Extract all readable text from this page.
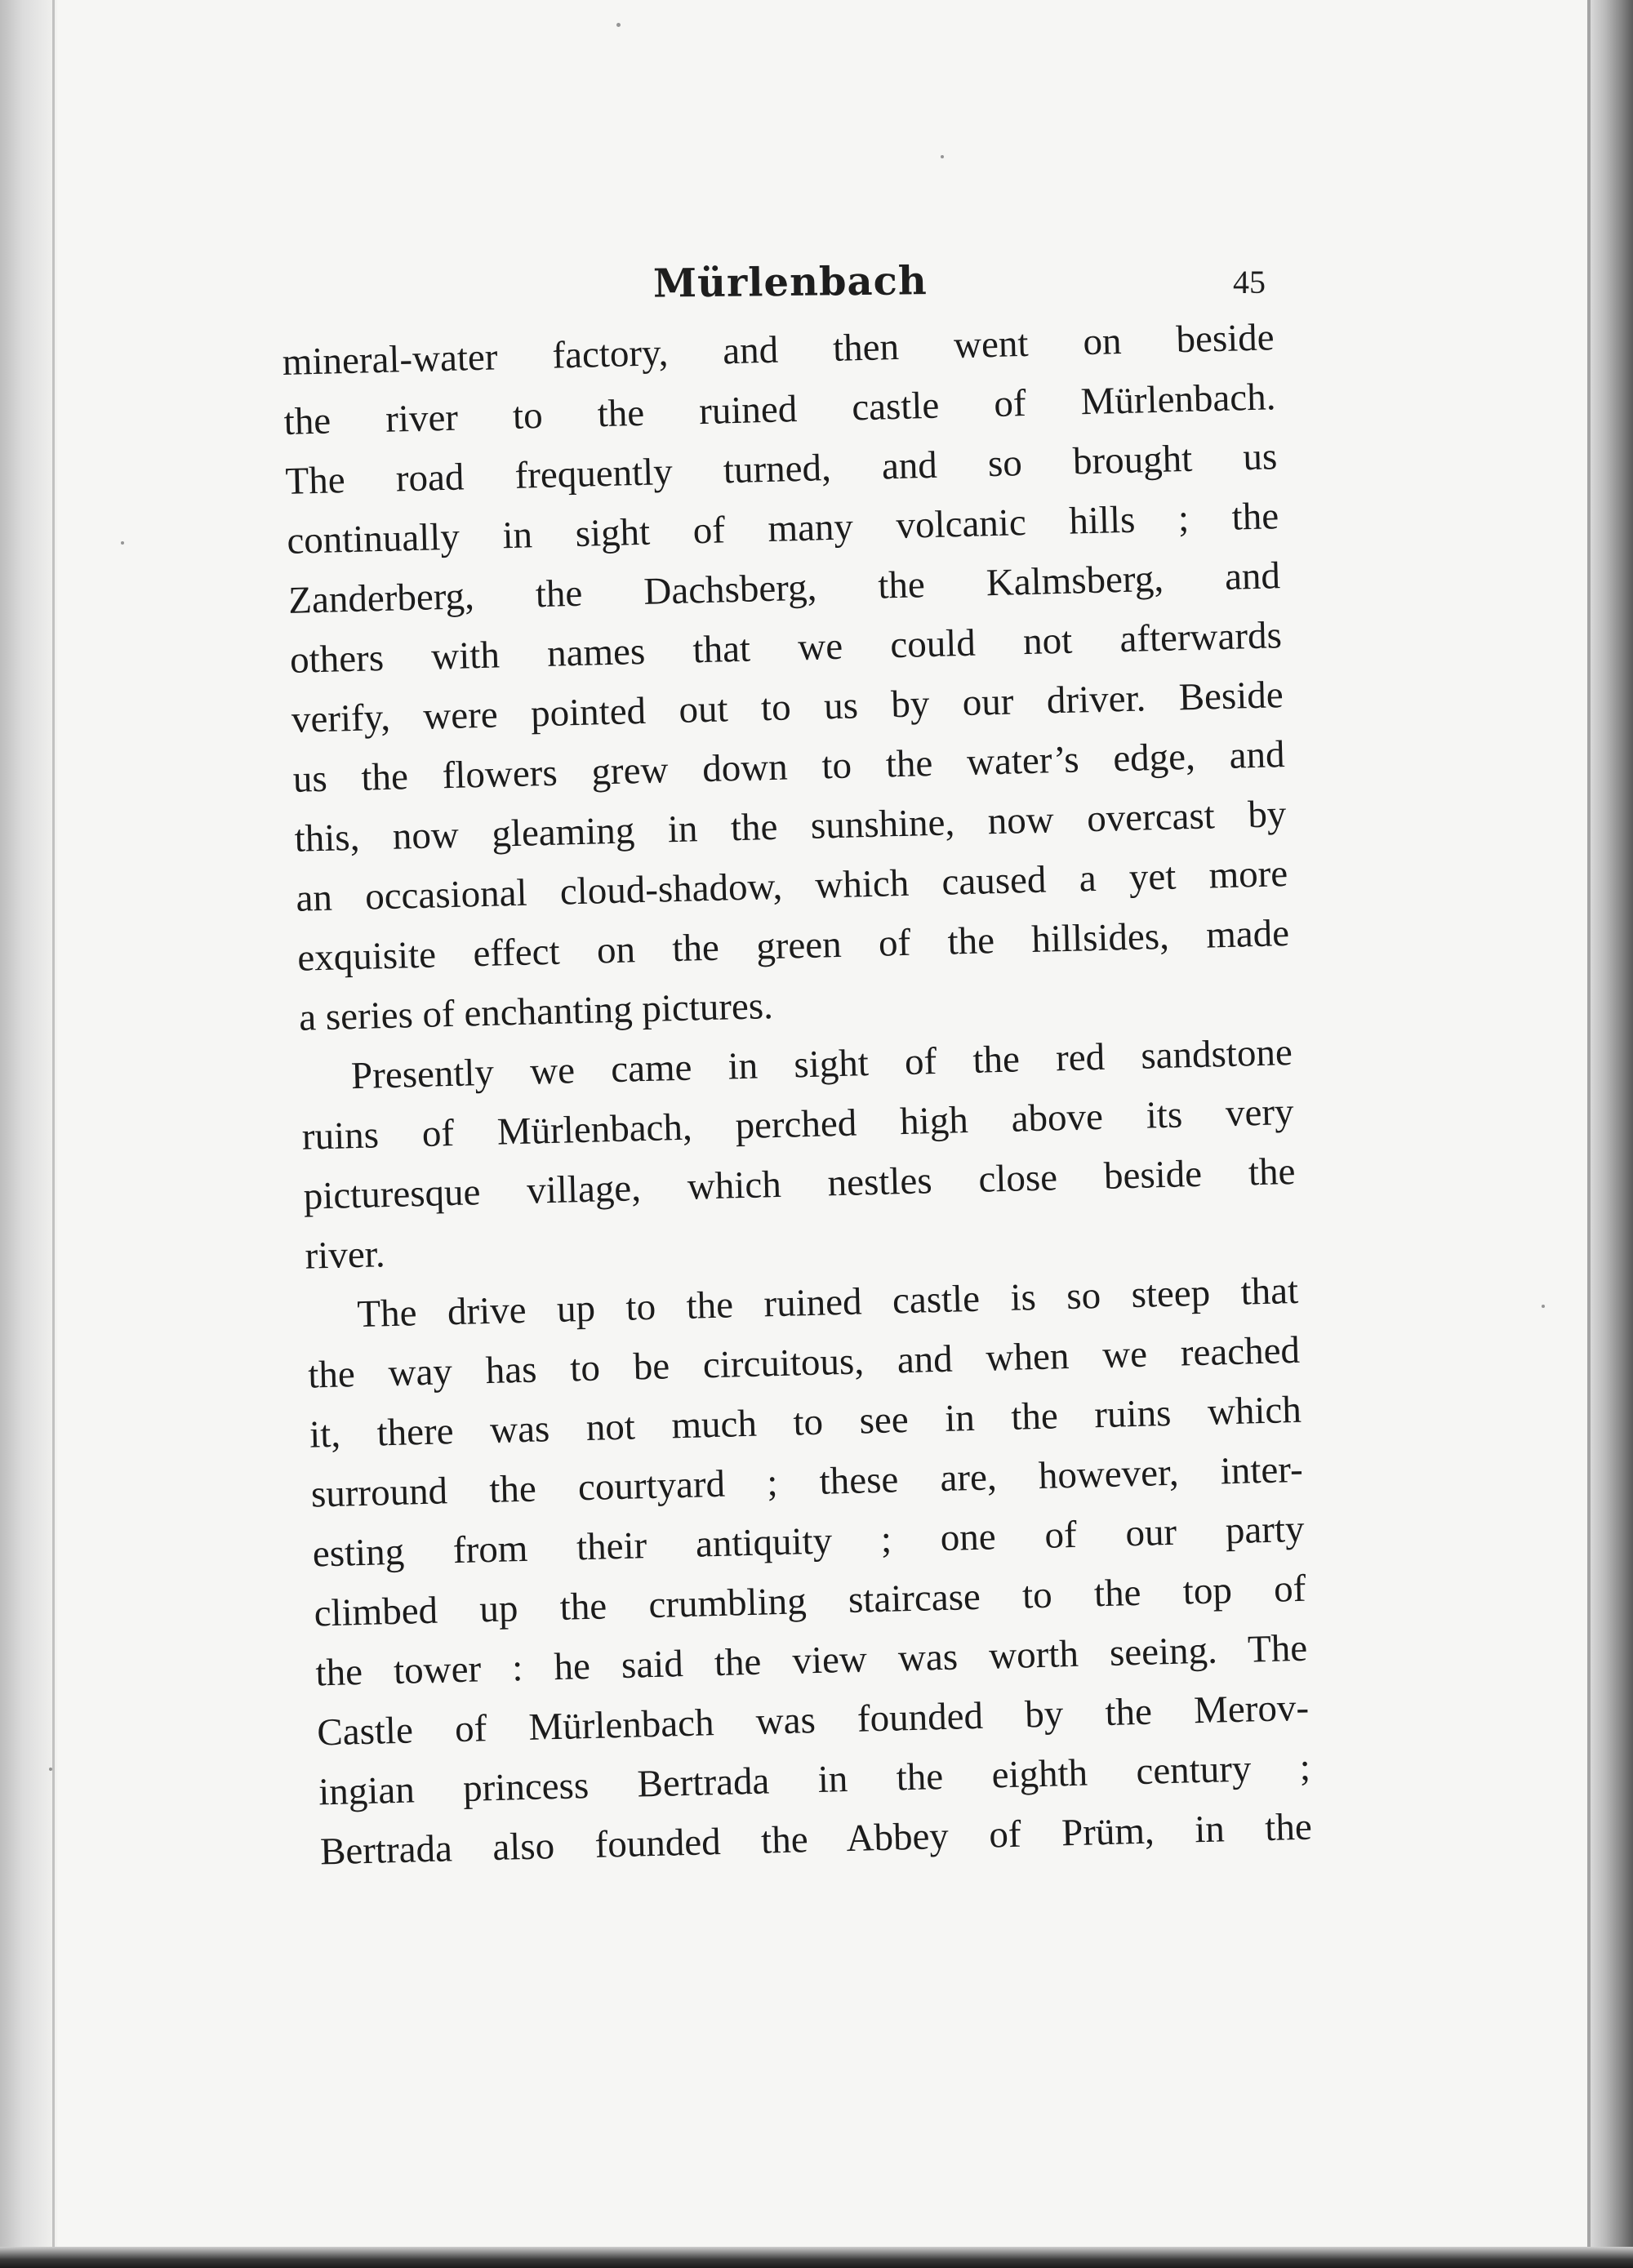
Mürlenbach	45
mineral-water factory, and then went on beside
the river to the ruined castle of Mürlenbach.
The road frequently turned, and so brought us
continually in sight of many volcanic hills ; the
Zanderberg, the Dachsberg, the Kalmsberg, and
others with names that we could not afterwards
verify, were pointed out to us by our driver. Beside
us the flowers grew down to the water’s edge, and
this, now gleaming in the sunshine, now overcast by
an occasional cloud-shadow, which caused a yet more
exquisite effect on the green of the hillsides, made
a series of enchanting pictures.
Presently we came in sight of the red sandstone
ruins of Mürlenbach, perched high above its very
picturesque village, which nestles close beside the
river.
The drive up to the ruined castle is so steep that
the way has to be circuitous, and when we reached
it, there was not much to see in the ruins which
surround the courtyard ; these are, however, inter-
esting from their antiquity ; one of our party
climbed up the crumbling staircase to the top of
the tower : he said the view was worth seeing. The
Castle of Mürlenbach was founded by the Merov-
ingian princess Bertrada in the eighth century ;
Bertrada also founded the Abbey of Prüm, in the
